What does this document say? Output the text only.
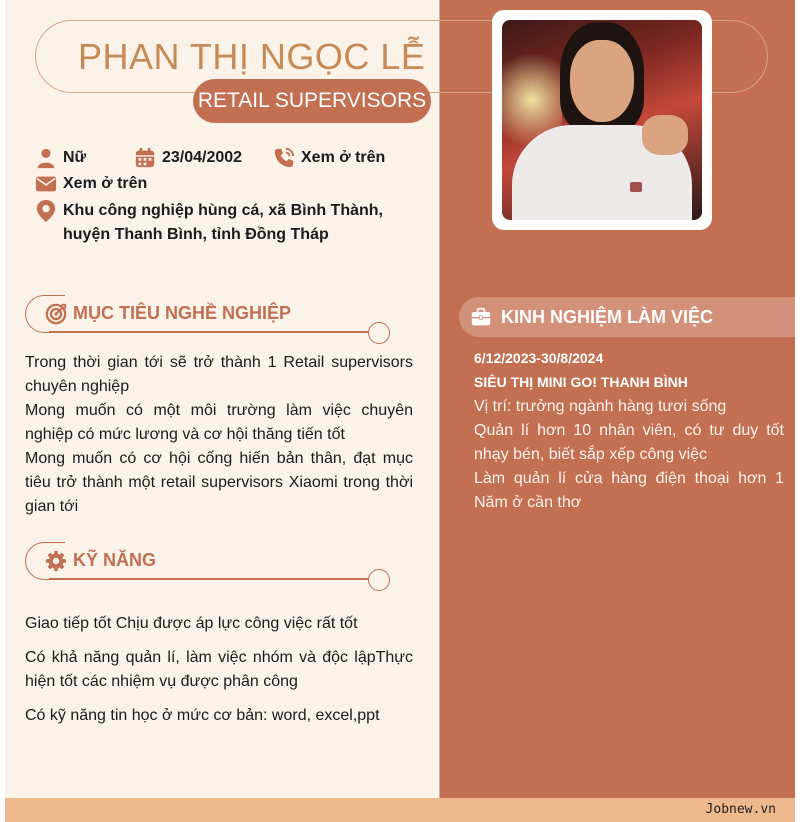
PHAN THỊ NGỌC LỄ
RETAIL SUPERVISORS
Nữ	23/04/2002	Xem ở trên
Xem ở trên
Khu công nghiệp hùng cá, xã Bình Thành, huyện Thanh Bình, tỉnh Đồng Tháp
MỤC TIÊU NGHỀ NGHIỆP
Trong thời gian tới sẽ trở thành 1 Retail supervisors chuyên nghiệp
Mong muốn có một môi trường làm việc chuyên nghiệp có mức lương và cơ hội thăng tiến tốt
Mong muốn có cơ hội cống hiến bản thân, đạt mục tiêu trở thành một retail supervisors Xiaomi trong thời gian tới
KỸ NĂNG
Giao tiếp tốt Chịu được áp lực công việc rất tốt
Có khả năng quản lí, làm việc nhóm và độc lậpThực hiện tốt các nhiệm vụ được phân công
Có kỹ năng tin học ở mức cơ bản: word, excel,ppt
KINH NGHIỆM LÀM VIỆC
6/12/2023-30/8/2024
SIÊU THỊ MINI GO! THANH BÌNH
Vị trí: trưởng ngành hàng tươi sống
Quản lí hơn 10 nhân viên, có tư duy tốt nhạy bén, biết sắp xếp công việc
Làm quản lí cửa hàng điện thoại hơn 1 Năm ở cần thơ
Jobnew.vn
